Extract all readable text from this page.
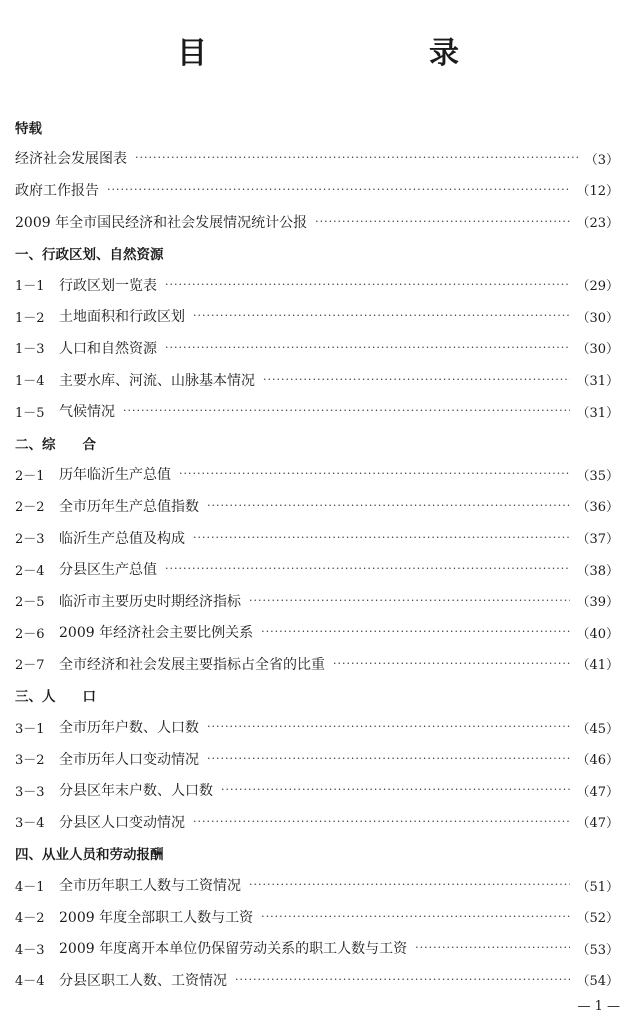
目　　录
特载
经济社会发展图表 ·····	（3）
政府工作报告 ·····	（12）
2009 年全市国民经济和社会发展情况统计公报 ·····	（23）
一、行政区划、自然资源
1－1	行政区划一览表 ·····	（29）
1－2	土地面积和行政区划 ·····	（30）
1－3	人口和自然资源 ·····	（30）
1－4	主要水库、河流、山脉基本情况 ·····	（31）
1－5	气候情况 ·····	（31）
二、综　　合
2－1	历年临沂生产总值 ·····	（35）
2－2	全市历年生产总值指数 ·····	（36）
2－3	临沂生产总值及构成 ·····	（37）
2－4	分县区生产总值 ·····	（38）
2－5	临沂市主要历史时期经济指标 ·····	（39）
2－6	2009 年经济社会主要比例关系 ·····	（40）
2－7	全市经济和社会发展主要指标占全省的比重 ·····	（41）
三、人　　口
3－1	全市历年户数、人口数 ·····	（45）
3－2	全市历年人口变动情况 ·····	（46）
3－3	分县区年末户数、人口数 ·····	（47）
3－4	分县区人口变动情况 ·····	（47）
四、从业人员和劳动报酬
4－1	全市历年职工人数与工资情况 ·····	（51）
4－2	2009 年度全部职工人数与工资 ·····	（52）
4－3	2009 年度离开本单位仍保留劳动关系的职工人数与工资 ·····	（53）
4－4	分县区职工人数、工资情况 ·····	（54）
— 1 —
